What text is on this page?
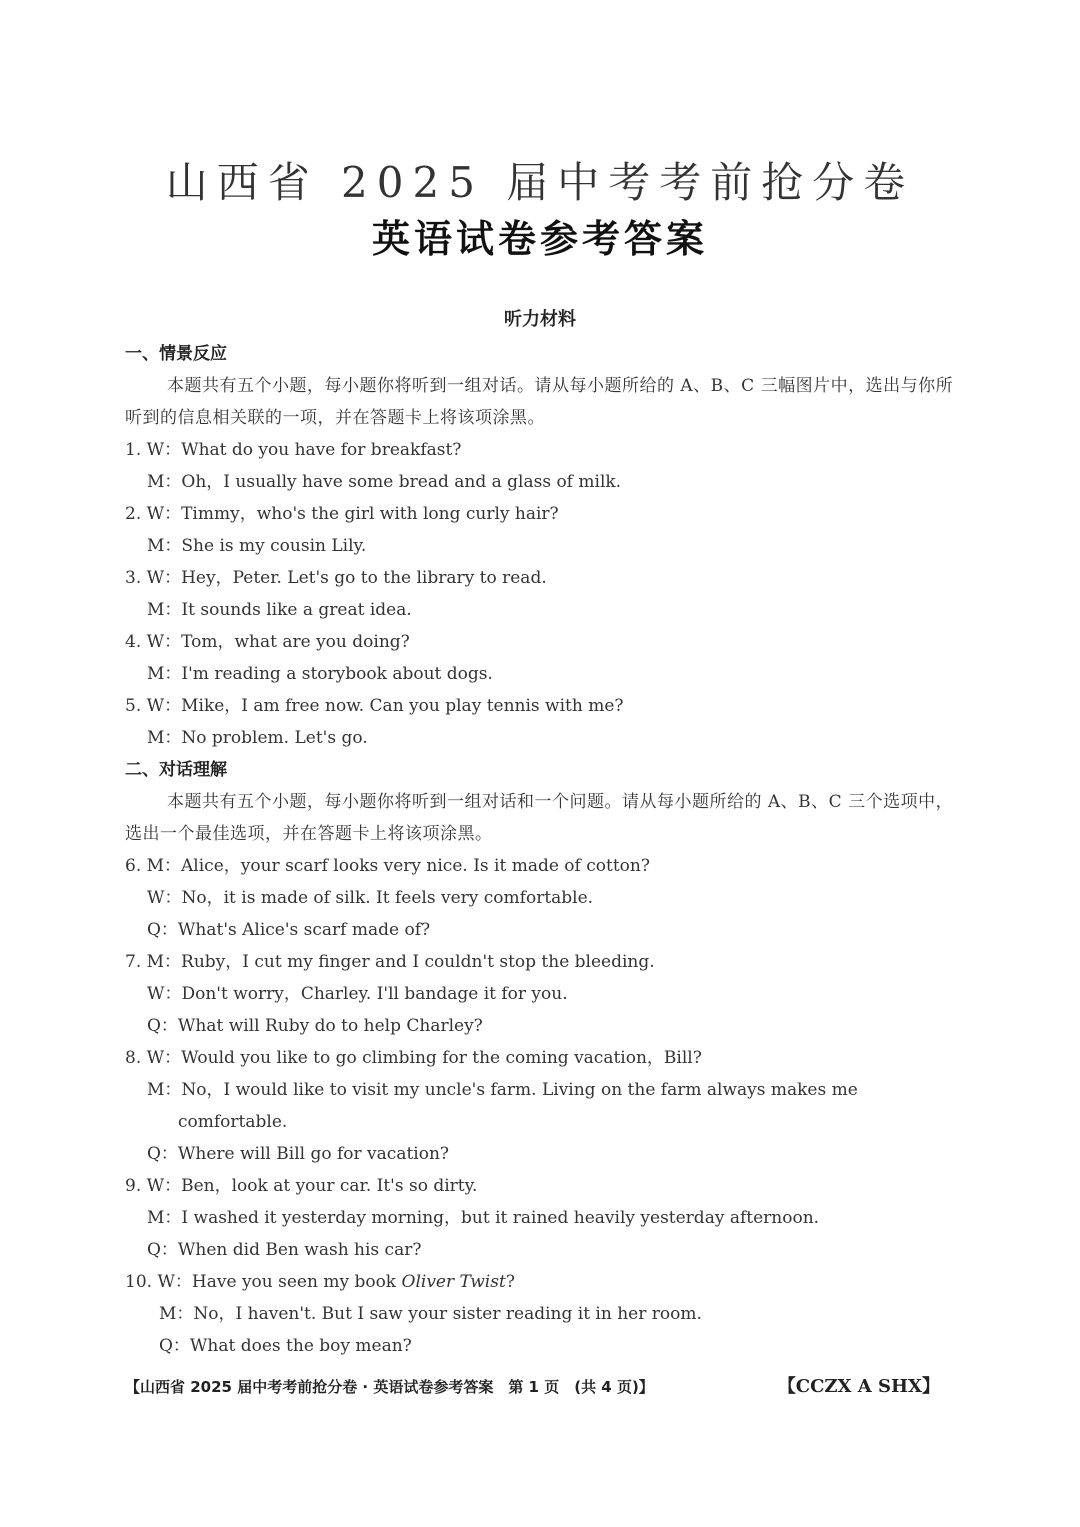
山西省 2025 届中考考前抢分卷
英语试卷参考答案
听力材料
一、情景反应

本题共有五个小题，每小题你将听到一组对话。请从每小题所给的 A、B、C 三幅图片中，选出与你所听到的信息相关联的一项，并在答题卡上将该项涂黑。

1. W：What do you have for breakfast?
M：Oh，I usually have some bread and a glass of milk.
2. W：Timmy，who's the girl with long curly hair?
M：She is my cousin Lily.
3. W：Hey，Peter. Let's go to the library to read.
M：It sounds like a great idea.
4. W：Tom，what are you doing?
M：I'm reading a storybook about dogs.
5. W：Mike，I am free now. Can you play tennis with me?
M：No problem. Let's go.
二、对话理解

本题共有五个小题，每小题你将听到一组对话和一个问题。请从每小题所给的 A、B、C 三个选项中，选出一个最佳选项，并在答题卡上将该项涂黑。

6. M：Alice，your scarf looks very nice. Is it made of cotton?
W：No，it is made of silk. It feels very comfortable.
Q：What's Alice's scarf made of?
7. M：Ruby，I cut my finger and I couldn't stop the bleeding.
W：Don't worry，Charley. I'll bandage it for you.
Q：What will Ruby do to help Charley?
8. W：Would you like to go climbing for the coming vacation，Bill?
M：No，I would like to visit my uncle's farm. Living on the farm always makes me
comfortable.
Q：Where will Bill go for vacation?
9. W：Ben，look at your car. It's so dirty.
M：I washed it yesterday morning，but it rained heavily yesterday afternoon.
Q：When did Ben wash his car?
10. W：Have you seen my book Oliver Twist?
M：No，I haven't. But I saw your sister reading it in her room.
Q：What does the boy mean?
【山西省 2025 届中考考前抢分卷 · 英语试卷参考答案　第 1 页　(共 4 页)】	【CCZX A SHX】
